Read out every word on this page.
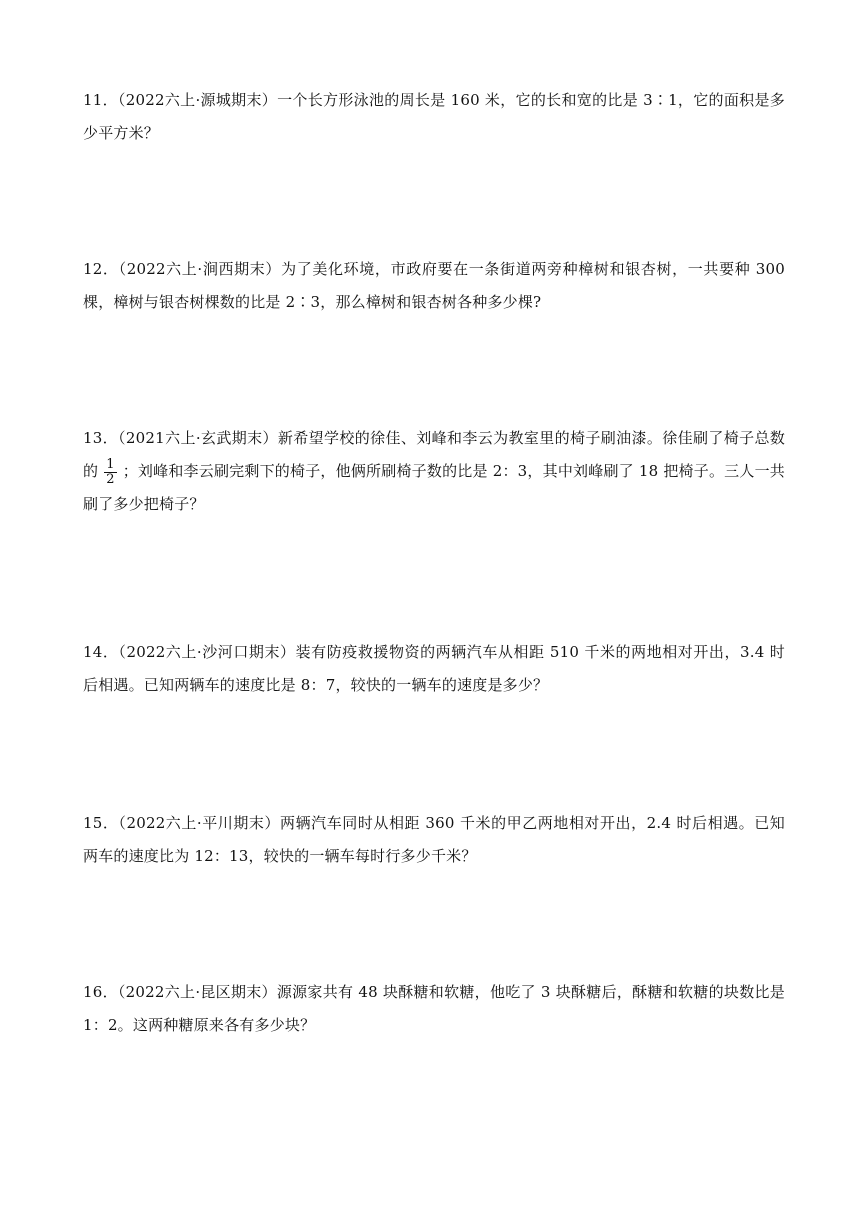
11．（2022六上·源城期末）一个长方形泳池的周长是 160 米，它的长和宽的比是 3∶1，它的面积是多少平方米？
12．（2022六上·涧西期末）为了美化环境，市政府要在一条街道两旁种樟树和银杏树，一共要种 300 棵，樟树与银杏树棵数的比是 2∶3，那么樟树和银杏树各种多少棵?
13．（2021六上·玄武期末）新希望学校的徐佳、刘峰和李云为教室里的椅子刷油漆。徐佳刷了椅子总数的 $\frac{1}{2}$ ；刘峰和李云刷完剩下的椅子，他俩所刷椅子数的比是 2：3，其中刘峰刷了 18 把椅子。三人一共刷了多少把椅子？
14．（2022六上·沙河口期末）装有防疫救援物资的两辆汽车从相距 510 千米的两地相对开出，3.4 时后相遇。已知两辆车的速度比是 8：7，较快的一辆车的速度是多少？
15．（2022六上·平川期末）两辆汽车同时从相距 360 千米的甲乙两地相对开出，2.4 时后相遇。已知两车的速度比为 12：13，较快的一辆车每时行多少千米？
16．（2022六上·昆区期末）源源家共有 48 块酥糖和软糖，他吃了 3 块酥糖后，酥糖和软糖的块数比是1：2。这两种糖原来各有多少块？
